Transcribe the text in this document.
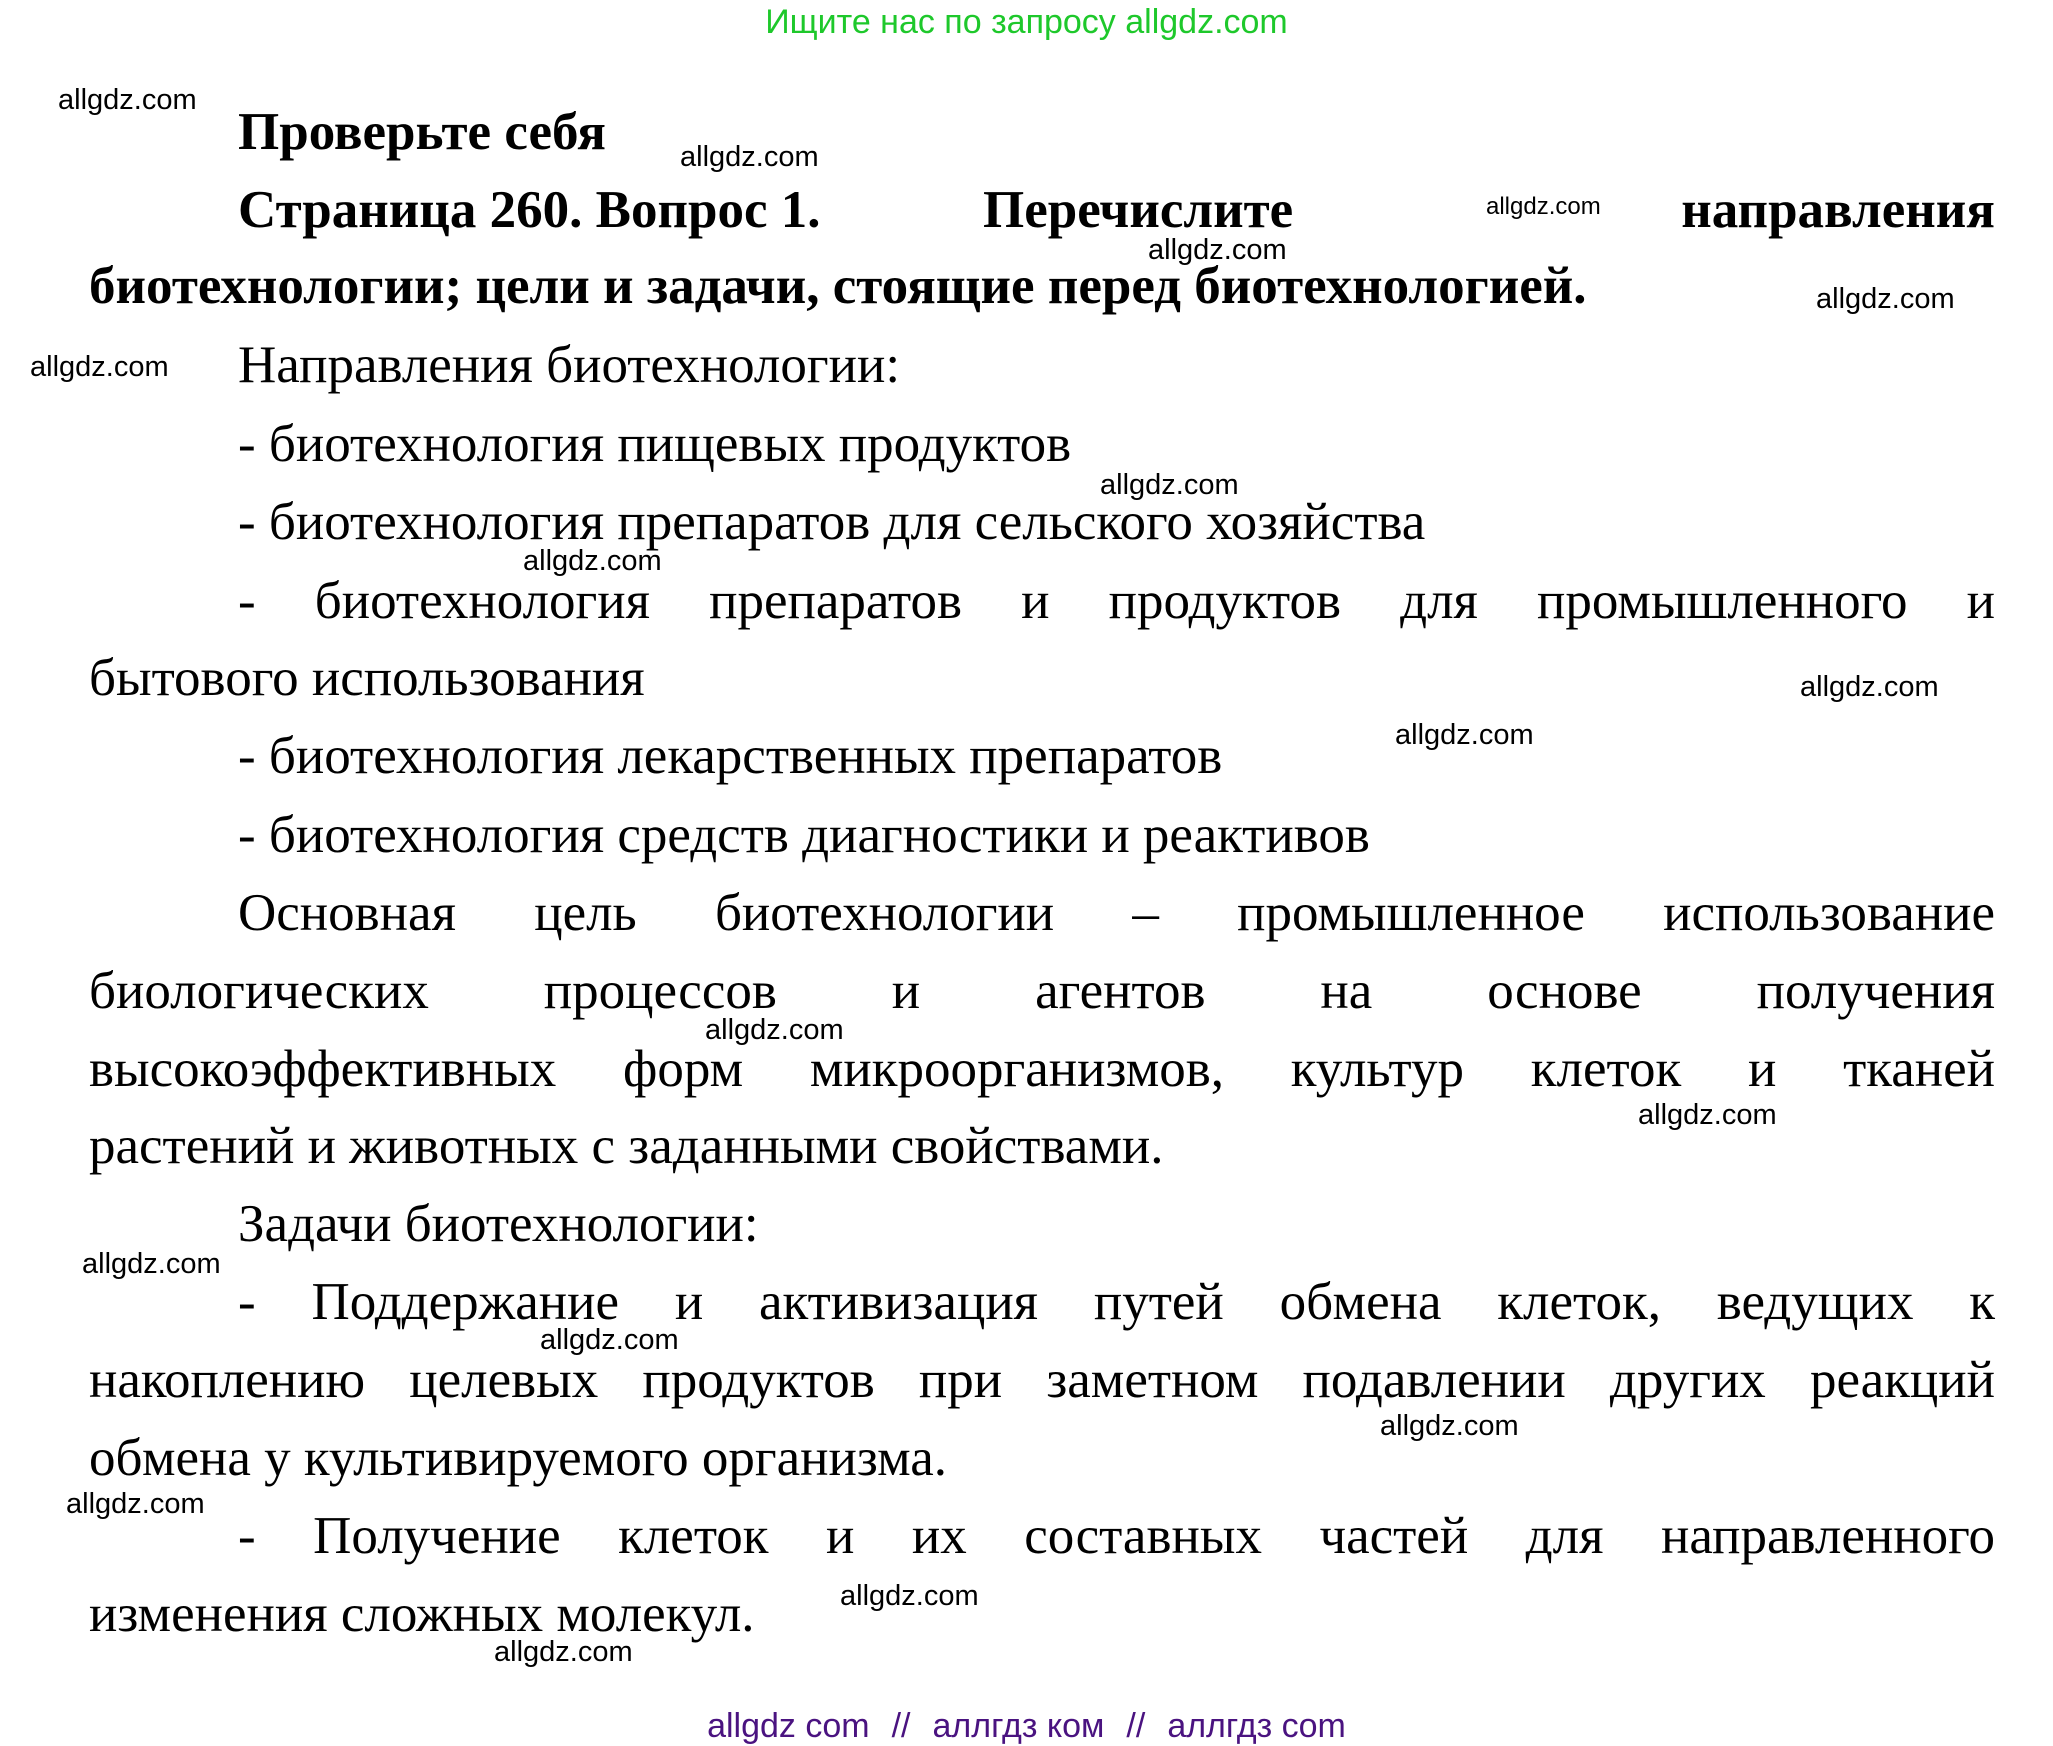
Ищите нас по запросу allgdz.com
Проверьте себя
Страница 260. Вопрос 1.	Перечислите	направления
биотехнологии; цели и задачи, стоящие перед биотехнологией.
Направления биотехнологии:
- биотехнология пищевых продуктов
- биотехнология препаратов для сельского хозяйства
- биотехнология препаратов и продуктов для промышленного и
бытового использования
- биотехнология лекарственных препаратов
- биотехнология средств диагностики и реактивов
Основная цель биотехнологии – промышленное использование
биологических процессов и агентов на основе получения
высокоэффективных форм микроорганизмов, культур клеток и тканей
растений и животных с заданными свойствами.
Задачи биотехнологии:
- Поддержание и активизация путей обмена клеток, ведущих к
накоплению целевых продуктов при заметном подавлении других реакций
обмена у культивируемого организма.
- Получение клеток и их составных частей для направленного
изменения сложных молекул.
allgdz.com
allgdz.com
allgdz.com
allgdz.com
allgdz.com
allgdz.com
allgdz.com
allgdz.com
allgdz.com
allgdz.com
allgdz.com
allgdz.com
allgdz.com
allgdz.com
allgdz.com
allgdz.com
allgdz.com
allgdz.com
allgdz com // аллгдз ком // аллгдз com
